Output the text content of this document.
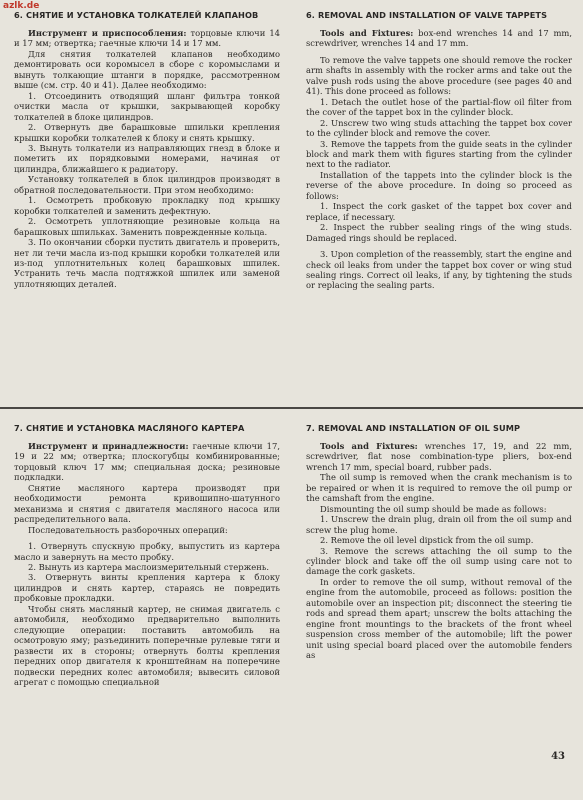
azlk.de
6. СНЯТИЕ И УСТАНОВКА ТОЛКАТЕЛЕЙ КЛАПАНОВ

Инструмент и приспособления: торцовые ключи 14 и 17 мм; отвертка; гаечные ключи 14 и 17 мм.

Для снятия толкателей клапанов необходимо демонтировать оси коромысел в сборе с коромыслами и вынуть толкающие штанги в порядке, рассмотренном выше (см. стр. 40 и 41). Далее необходимо:

1. Отсоединить отводящий шланг фильтра тонкой очистки масла от крышки, закрывающей коробку толкателей в блоке цилиндров.

2. Отвернуть две барашковые шпильки крепления крышки коробки толкателей к блоку и снять крышку.

3. Вынуть толкатели из направляющих гнезд в блоке и пометить их порядковыми номерами, начиная от цилиндра, ближайшего к радиатору.

Установку толкателей в блок цилиндров производят в обратной последовательности. При этом необходимо:

1. Осмотреть пробковую прокладку под крышку коробки толкателей и заменить дефектную.

2. Осмотреть уплотняющие резиновые кольца на барашковых шпильках. Заменить поврежденные кольца.

3. По окончании сборки пустить двигатель и проверить, нет ли течи масла из-под крышки коробки толкателей или из-под уплотнительных колец барашковых шпилек. Устранить течь масла подтяжкой шпилек или заменой уплотняющих деталей.

6. REMOVAL AND INSTALLATION OF VALVE TAPPETS

Tools and Fixtures: box-end wrenches 14 and 17 mm, screwdriver, wrenches 14 and 17 mm.

To remove the valve tappets one should remove the rocker arm shafts in assembly with the rocker arms and take out the valve push rods using the above procedure (see pages 40 and 41). This done proceed as follows:

1. Detach the outlet hose of the partial-flow oil filter from the cover of the tappet box in the cylinder block.

2. Unscrew two wing studs attaching the tappet box cover to the cylinder block and remove the cover.

3. Remove the tappets from the guide seats in the cylinder block and mark them with figures starting from the cylinder next to the radiator.

Installation of the tappets into the cylinder block is the reverse of the above procedure. In doing so proceed as follows:

1. Inspect the cork gasket of the tappet box cover and replace, if necessary.

2. Inspect the rubber sealing rings of the wing studs. Damaged rings should be replaced.

3. Upon completion of the reassembly, start the engine and check oil leaks from under the tappet box cover or wing stud sealing rings. Correct oil leaks, if any, by tightening the studs or replacing the sealing parts.

7. СНЯТИЕ И УСТАНОВКА МАСЛЯНОГО КАРТЕРА

Инструмент и принадлежности: гаечные ключи 17, 19 и 22 мм; отвертка; плоскогубцы комбинированные; торцовый ключ 17 мм; специальная доска; резиновые подкладки.

Снятие масляного картера производят при необходимости ремонта кривошипно-шатунного механизма и снятия с двигателя масляного насоса или распределительного вала.

Последовательность разборочных операций:

1. Отвернуть спускную пробку, выпустить из картера масло и завернуть на место пробку.

2. Вынуть из картера маслоизмерительный стержень.

3. Отвернуть винты крепления картера к блоку цилиндров и снять картер, стараясь не повредить пробковые прокладки.

Чтобы снять масляный картер, не снимая двигатель с автомобиля, необходимо предварительно выполнить следующие операции: поставить автомобиль на осмотровую яму; разъединить поперечные рулевые тяги и развести их в стороны; отвернуть болты крепления передних опор двигателя к кронштейнам на поперечине подвески передних колес автомобиля; вывесить силовой агрегат с помощью специальной

7. REMOVAL AND INSTALLATION OF OIL SUMP

Tools and Fixtures: wrenches 17, 19, and 22 mm, screwdriver, flat nose combination-type pliers, box-end wrench 17 mm, special board, rubber pads.

The oil sump is removed when the crank mechanism is to be repaired or when it is required to remove the oil pump or the camshaft from the engine.

Dismounting the oil sump should be made as follows:

1. Unscrew the drain plug, drain oil from the oil sump and screw the plug home.

2. Remove the oil level dipstick from the oil sump.

3. Remove the screws attaching the oil sump to the cylinder block and take off the oil sump using care not to damage the cork gaskets.

In order to remove the oil sump, without removal of the engine from the automobile, proceed as follows: position the automobile over an inspection pit; disconnect the steering tie rods and spread them apart; unscrew the bolts attaching the engine front mountings to the brackets of the front wheel suspension cross member of the automobile; lift the power unit using special board placed over the automobile fenders as

43
